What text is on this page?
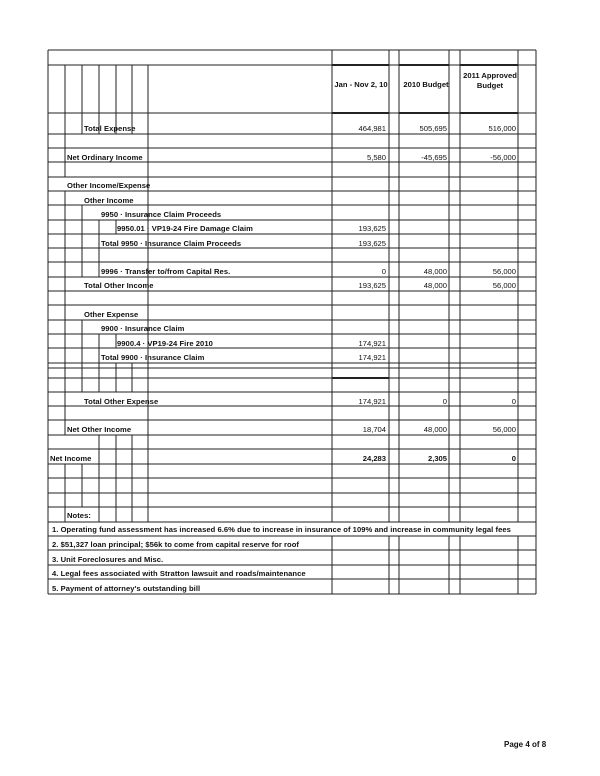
Jan - Nov 2, 10	2010 Budget
2011 Approved Budget
Total Expense
Net Ordinary Income
Other Income/Expense
Other Income
9950 · Insurance Claim Proceeds
9950.01 · VP19-24 Fire Damage Claim
Total 9950 · Insurance Claim Proceeds
9996 · Transfer to/from Capital Res.
Total Other Income
Other Expense
9900 · Insurance Claim
9900.4 · VP19-24 Fire 2010
Total 9900 · Insurance Claim
Total Other Expense
Net Other Income
Net Income
464,981
5,580
193,625
193,625
0
193,625
174,921
174,921
174,921
18,704
24,283
505,695
-45,695
48,000
48,000
0
48,000
2,305
516,000
-56,000
56,000
56,000
0
56,000
0
Notes:
1. Operating fund assessment has increased 6.6% due to increase in insurance of 109% and increase in community legal fees
2. $51,327 loan principal; $56k to come from capital reserve for roof
3. Unit Foreclosures and Misc.
4. Legal fees associated with Stratton lawsuit and roads/maintenance
5. Payment of attorney's outstanding bill
Page 4 of 8
